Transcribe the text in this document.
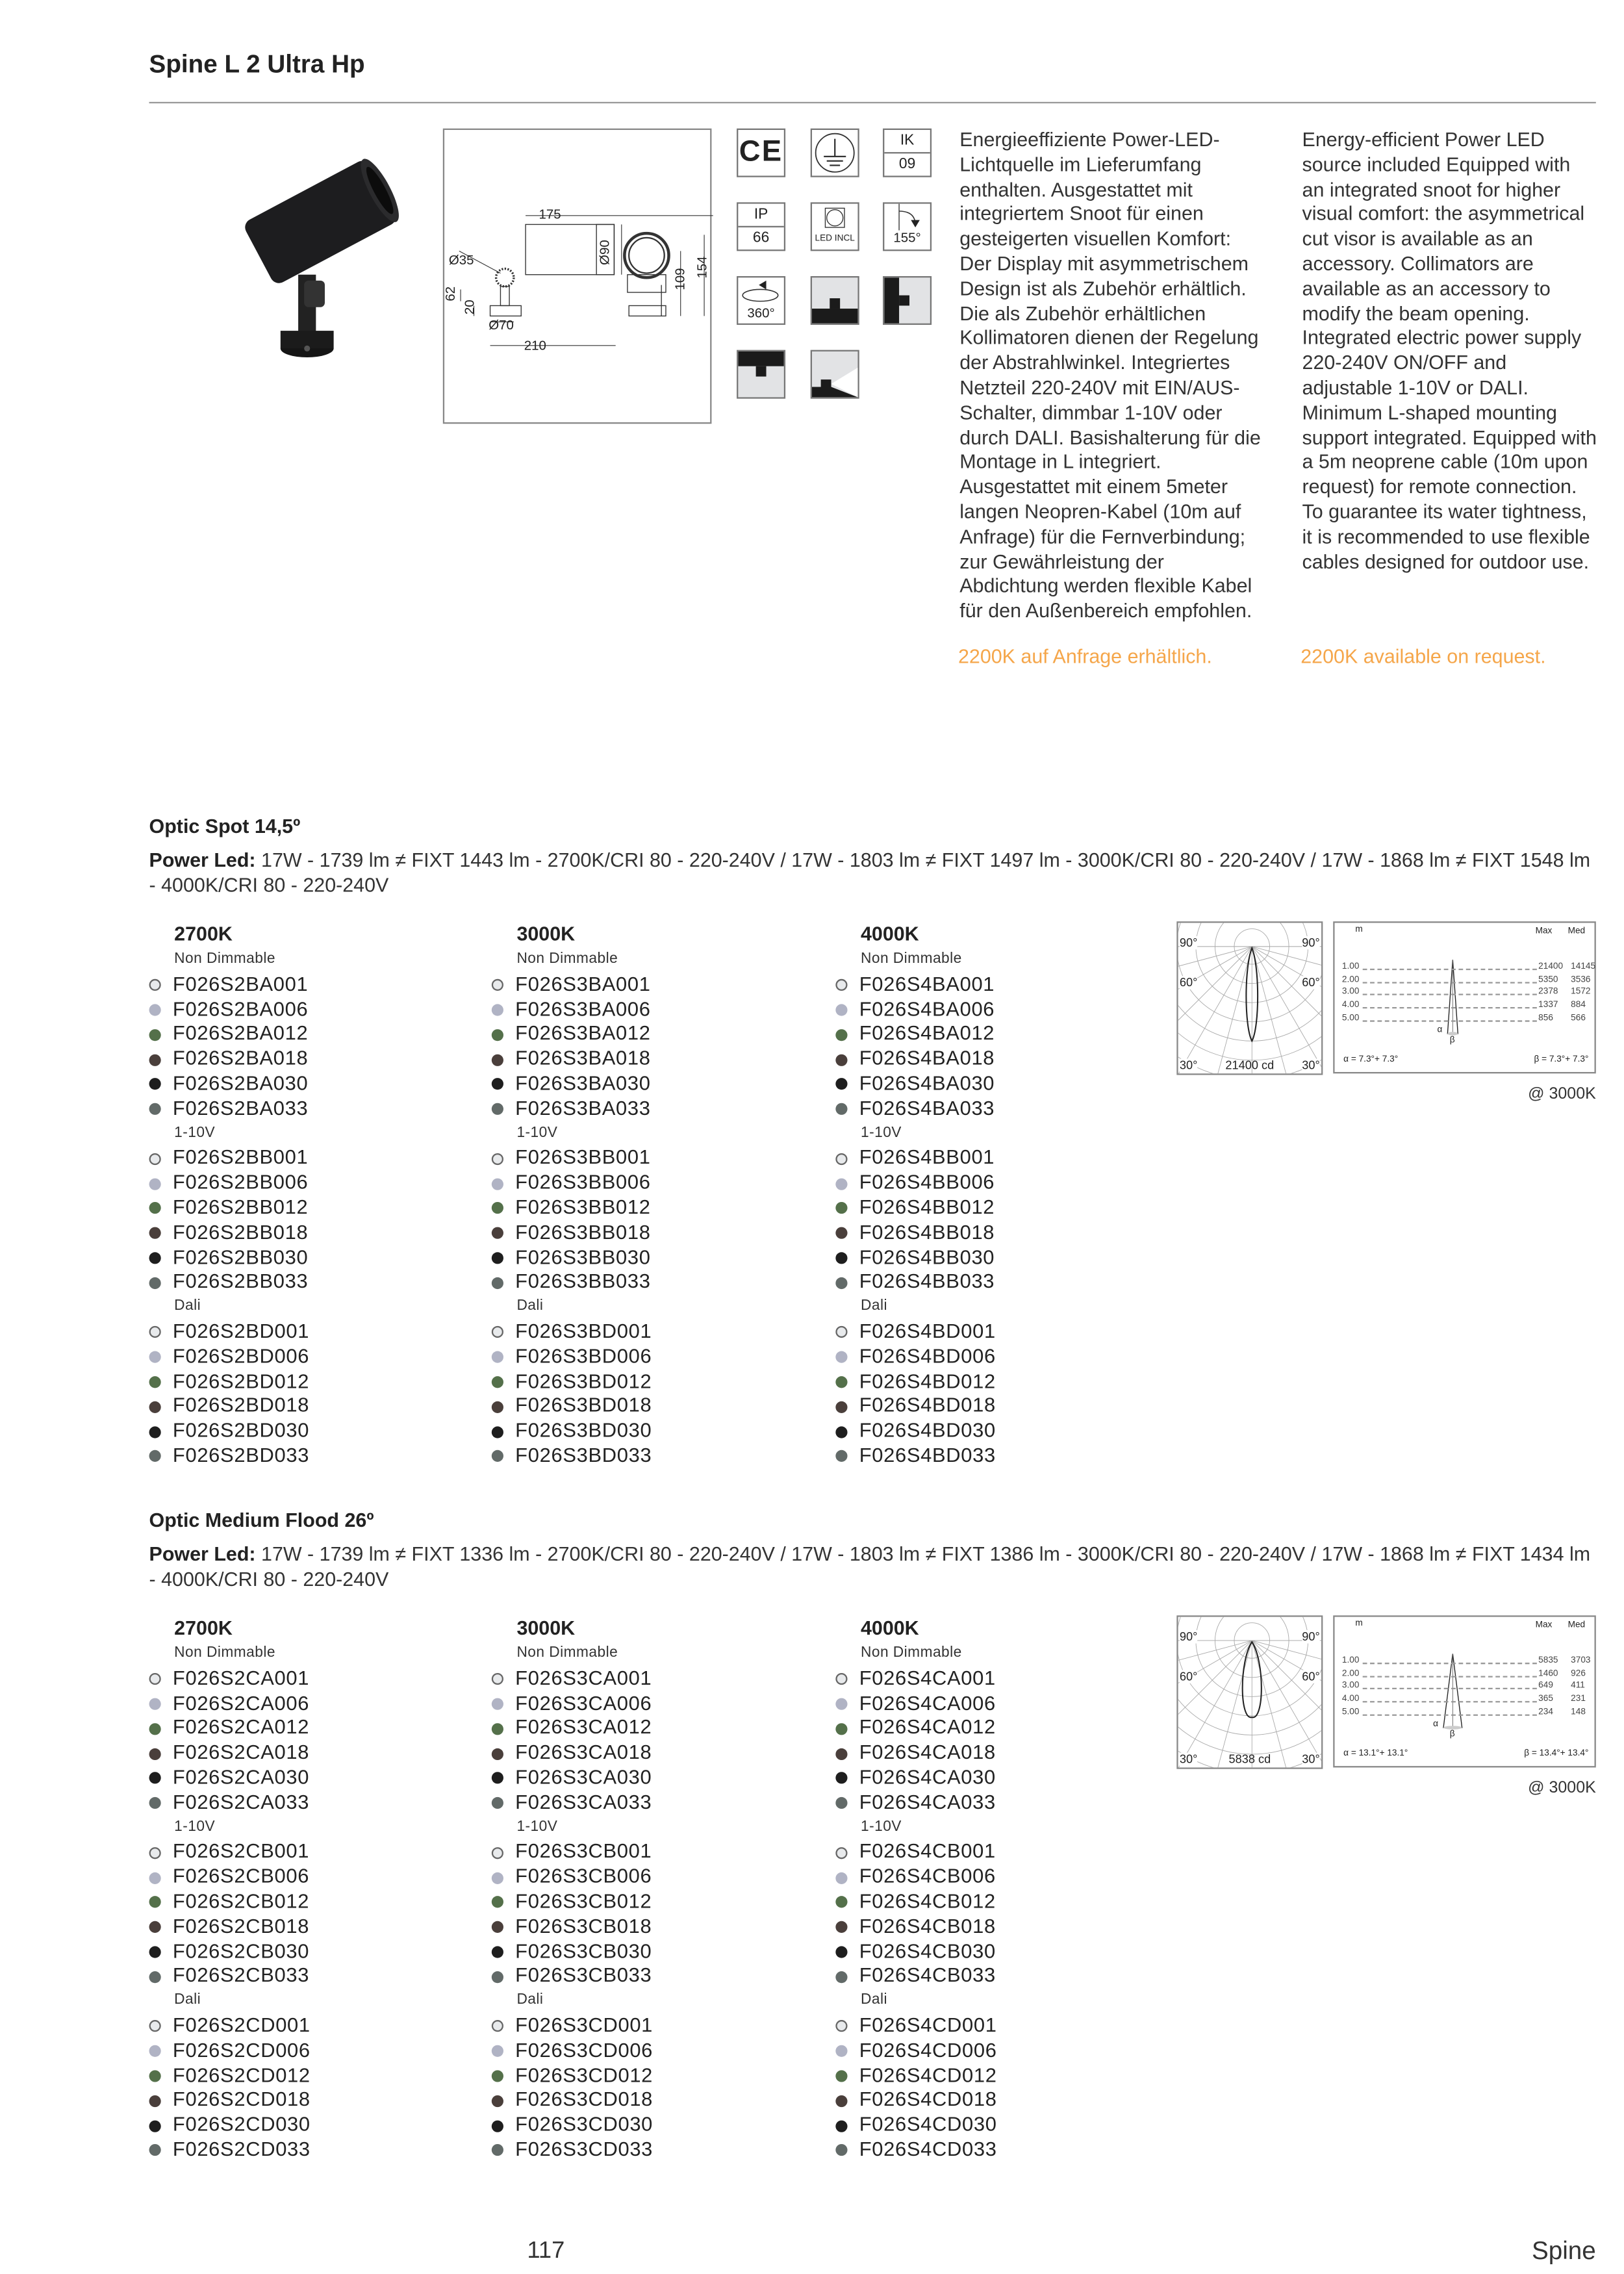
Spine L 2 Ultra Hp
175
Ø35
62
20
Ø70
210
Ø90
109
154
CE	IK
09
IP
66	LED INCL	155°
360°
Energieeffiziente Power-LED-Lichtquelle im Lieferumfang enthalten. Ausgestattet mit integriertem Snoot für einen gesteigerten visuellen Komfort: Der Display mit asymmetrischem Design ist als Zubehör erhältlich. Die als Zubehör erhältlichen Kollimatoren dienen der Regelung der Abstrahlwinkel. Integriertes Netzteil 220-240V mit EIN/AUS-Schalter, dimmbar 1-10V oder durch DALI. Basishalterung für die Montage in L integriert. Ausgestattet mit einem 5meter langen Neopren-Kabel (10m auf Anfrage) für die Fernverbindung; zur Gewährleistung der Abdichtung werden flexible Kabel für den Außenbereich empfohlen.
Energy-efficient Power LED source included Equipped with an integrated snoot for higher visual comfort: the asymmetrical cut visor is available as an accessory. Collimators are available as an accessory to modify the beam opening. Integrated electric power supply 220-240V ON/OFF and adjustable 1-10V or DALI. Minimum L-shaped mounting support integrated. Equipped with a 5m neoprene cable (10m upon request) for remote connection. To guarantee its water tightness, it is recommended to use flexible cables designed for outdoor use.
2200K auf Anfrage erhältlich.	2200K available on request.
Optic Spot 14,5º
Power Led: 17W - 1739 lm ≠ FIXT 1443 lm - 2700K/CRI 80 - 220-240V / 17W - 1803 lm ≠ FIXT 1497 lm - 3000K/CRI 80 - 220-240V / 17W - 1868 lm ≠ FIXT 1548 lm - 4000K/CRI 80 - 220-240V
2700K
Non Dimmable
F026S2BA001
F026S2BA006
F026S2BA012
F026S2BA018
F026S2BA030
F026S2BA033
1-10V
F026S2BB001
F026S2BB006
F026S2BB012
F026S2BB018
F026S2BB030
F026S2BB033
Dali
F026S2BD001
F026S2BD006
F026S2BD012
F026S2BD018
F026S2BD030
F026S2BD033
3000K
Non Dimmable
F026S3BA001
F026S3BA006
F026S3BA012
F026S3BA018
F026S3BA030
F026S3BA033
1-10V
F026S3BB001
F026S3BB006
F026S3BB012
F026S3BB018
F026S3BB030
F026S3BB033
Dali
F026S3BD001
F026S3BD006
F026S3BD012
F026S3BD018
F026S3BD030
F026S3BD033
4000K
Non Dimmable
F026S4BA001
F026S4BA006
F026S4BA012
F026S4BA018
F026S4BA030
F026S4BA033
1-10V
F026S4BB001
F026S4BB006
F026S4BB012
F026S4BB018
F026S4BB030
F026S4BB033
Dali
F026S4BD001
F026S4BD006
F026S4BD012
F026S4BD018
F026S4BD030
F026S4BD033
90°	90°
60°	60°
30°	30°
21400 cd
1.00	21400 14145
2.00	5350	3536
3.00	2378	1572
4.00	1337	884
5.00	856	566
m	Max	Med
α
β
α = 7.3°+ 7.3°	β = 7.3°+ 7.3°
@ 3000K
Optic Medium Flood 26º
Power Led: 17W - 1739 lm ≠ FIXT 1336 lm - 2700K/CRI 80 - 220-240V / 17W - 1803 lm ≠ FIXT 1386 lm - 3000K/CRI 80 - 220-240V / 17W - 1868 lm ≠ FIXT 1434 lm - 4000K/CRI 80 - 220-240V
2700K
Non Dimmable
F026S2CA001
F026S2CA006
F026S2CA012
F026S2CA018
F026S2CA030
F026S2CA033
1-10V
F026S2CB001
F026S2CB006
F026S2CB012
F026S2CB018
F026S2CB030
F026S2CB033
Dali
F026S2CD001
F026S2CD006
F026S2CD012
F026S2CD018
F026S2CD030
F026S2CD033
3000K
Non Dimmable
F026S3CA001
F026S3CA006
F026S3CA012
F026S3CA018
F026S3CA030
F026S3CA033
1-10V
F026S3CB001
F026S3CB006
F026S3CB012
F026S3CB018
F026S3CB030
F026S3CB033
Dali
F026S3CD001
F026S3CD006
F026S3CD012
F026S3CD018
F026S3CD030
F026S3CD033
4000K
Non Dimmable
F026S4CA001
F026S4CA006
F026S4CA012
F026S4CA018
F026S4CA030
F026S4CA033
1-10V
F026S4CB001
F026S4CB006
F026S4CB012
F026S4CB018
F026S4CB030
F026S4CB033
Dali
F026S4CD001
F026S4CD006
F026S4CD012
F026S4CD018
F026S4CD030
F026S4CD033
90°	90°
60°	60°
30°	30°
5838 cd
1.00	5835	3703
2.00	1460	926
3.00	649	411
4.00	365	231
5.00	234	148
m	Max	Med
α
β
α = 13.1°+ 13.1°	β = 13.4°+ 13.4°
@ 3000K
117	Spine
